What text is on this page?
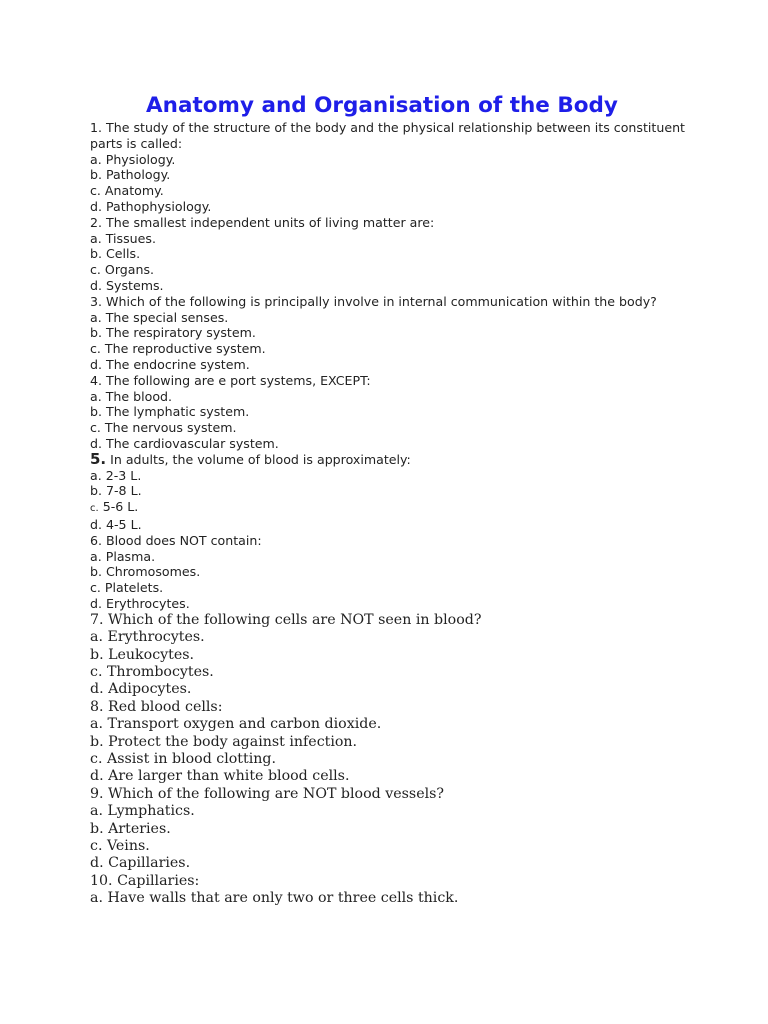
Anatomy and Organisation of the Body
1. The study of the structure of the body and the physical relationship between its constituent parts is called:
a. Physiology.
b. Pathology.
c. Anatomy.
d. Pathophysiology.
2. The smallest independent units of living matter are:
a. Tissues.
b. Cells.
c. Organs.
d. Systems.
3. Which of the following is principally involve in internal communication within the body?
a. The special senses.
b. The respiratory system.
c. The reproductive system.
d. The endocrine system.
4. The following are e port systems, EXCEPT:
a. The blood.
b. The lymphatic system.
c. The nervous system.
d. The cardiovascular system.
5. In adults, the volume of blood is approximately:
a. 2-3 L.
b. 7-8 L.
c. 5-6 L.
d. 4-5 L.
6. Blood does NOT contain:
a. Plasma.
b. Chromosomes.
c. Platelets.
d. Erythrocytes.
7. Which of the following cells are NOT seen in blood?
a. Erythrocytes.
b. Leukocytes.
c. Thrombocytes.
d. Adipocytes.
8. Red blood cells:
a. Transport oxygen and carbon dioxide.
b. Protect the body against infection.
c. Assist in blood clotting.
d. Are larger than white blood cells.
9. Which of the following are NOT blood vessels?
a. Lymphatics.
b. Arteries.
c. Veins.
d. Capillaries.
10. Capillaries:
a. Have walls that are only two or three cells thick.
